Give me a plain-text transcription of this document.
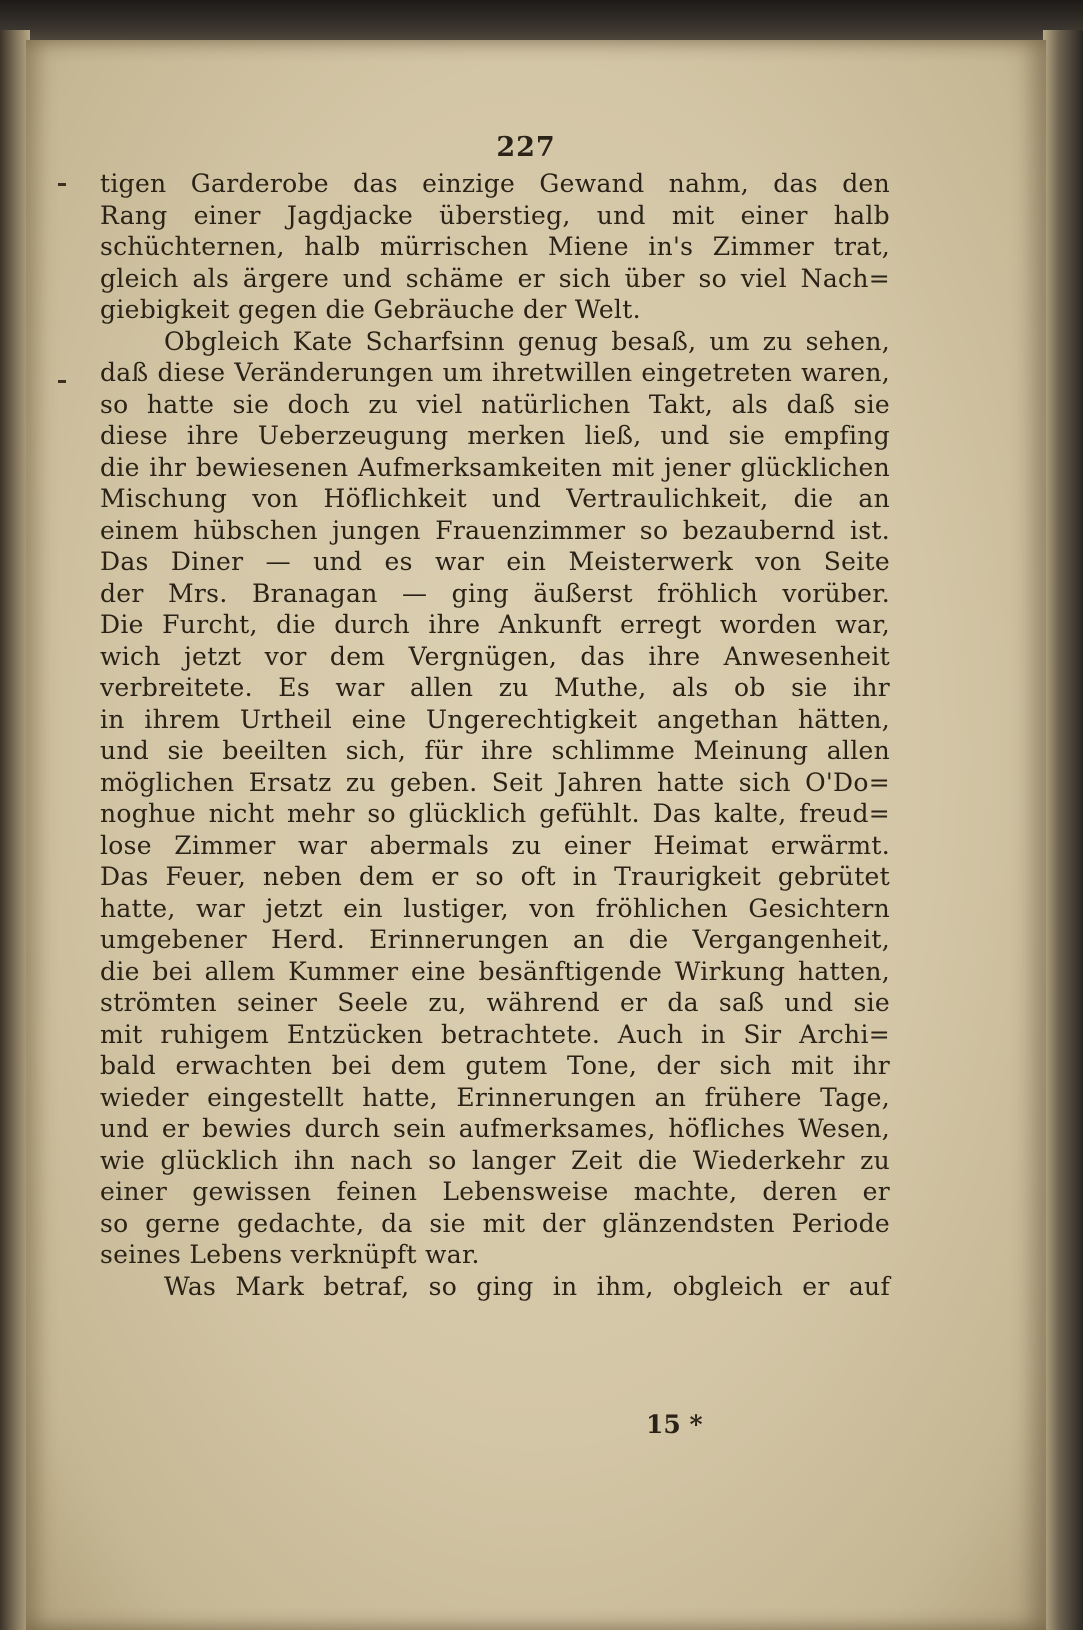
227
tigen Garderobe das einzige Gewand nahm, das den
Rang einer Jagdjacke überstieg, und mit einer halb
schüchternen, halb mürrischen Miene in's Zimmer trat,
gleich als ärgere und schäme er sich über so viel Nach=
giebigkeit gegen die Gebräuche der Welt.
Obgleich Kate Scharfsinn genug besaß, um zu sehen,
daß diese Veränderungen um ihretwillen eingetreten waren,
so hatte sie doch zu viel natürlichen Takt, als daß sie
diese ihre Ueberzeugung merken ließ, und sie empfing
die ihr bewiesenen Aufmerksamkeiten mit jener glücklichen
Mischung von Höflichkeit und Vertraulichkeit, die an
einem hübschen jungen Frauenzimmer so bezaubernd ist.
Das Diner — und es war ein Meisterwerk von Seite
der Mrs. Branagan — ging äußerst fröhlich vorüber.
Die Furcht, die durch ihre Ankunft erregt worden war,
wich jetzt vor dem Vergnügen, das ihre Anwesenheit
verbreitete. Es war allen zu Muthe, als ob sie ihr
in ihrem Urtheil eine Ungerechtigkeit angethan hätten,
und sie beeilten sich, für ihre schlimme Meinung allen
möglichen Ersatz zu geben. Seit Jahren hatte sich O'Do=
noghue nicht mehr so glücklich gefühlt. Das kalte, freud=
lose Zimmer war abermals zu einer Heimat erwärmt.
Das Feuer, neben dem er so oft in Traurigkeit gebrütet
hatte, war jetzt ein lustiger, von fröhlichen Gesichtern
umgebener Herd. Erinnerungen an die Vergangenheit,
die bei allem Kummer eine besänftigende Wirkung hatten,
strömten seiner Seele zu, während er da saß und sie
mit ruhigem Entzücken betrachtete. Auch in Sir Archi=
bald erwachten bei dem gutem Tone, der sich mit ihr
wieder eingestellt hatte, Erinnerungen an frühere Tage,
und er bewies durch sein aufmerksames, höfliches Wesen,
wie glücklich ihn nach so langer Zeit die Wiederkehr zu
einer gewissen feinen Lebensweise machte, deren er
so gerne gedachte, da sie mit der glänzendsten Periode
seines Lebens verknüpft war.
Was Mark betraf, so ging in ihm, obgleich er auf
15 *
